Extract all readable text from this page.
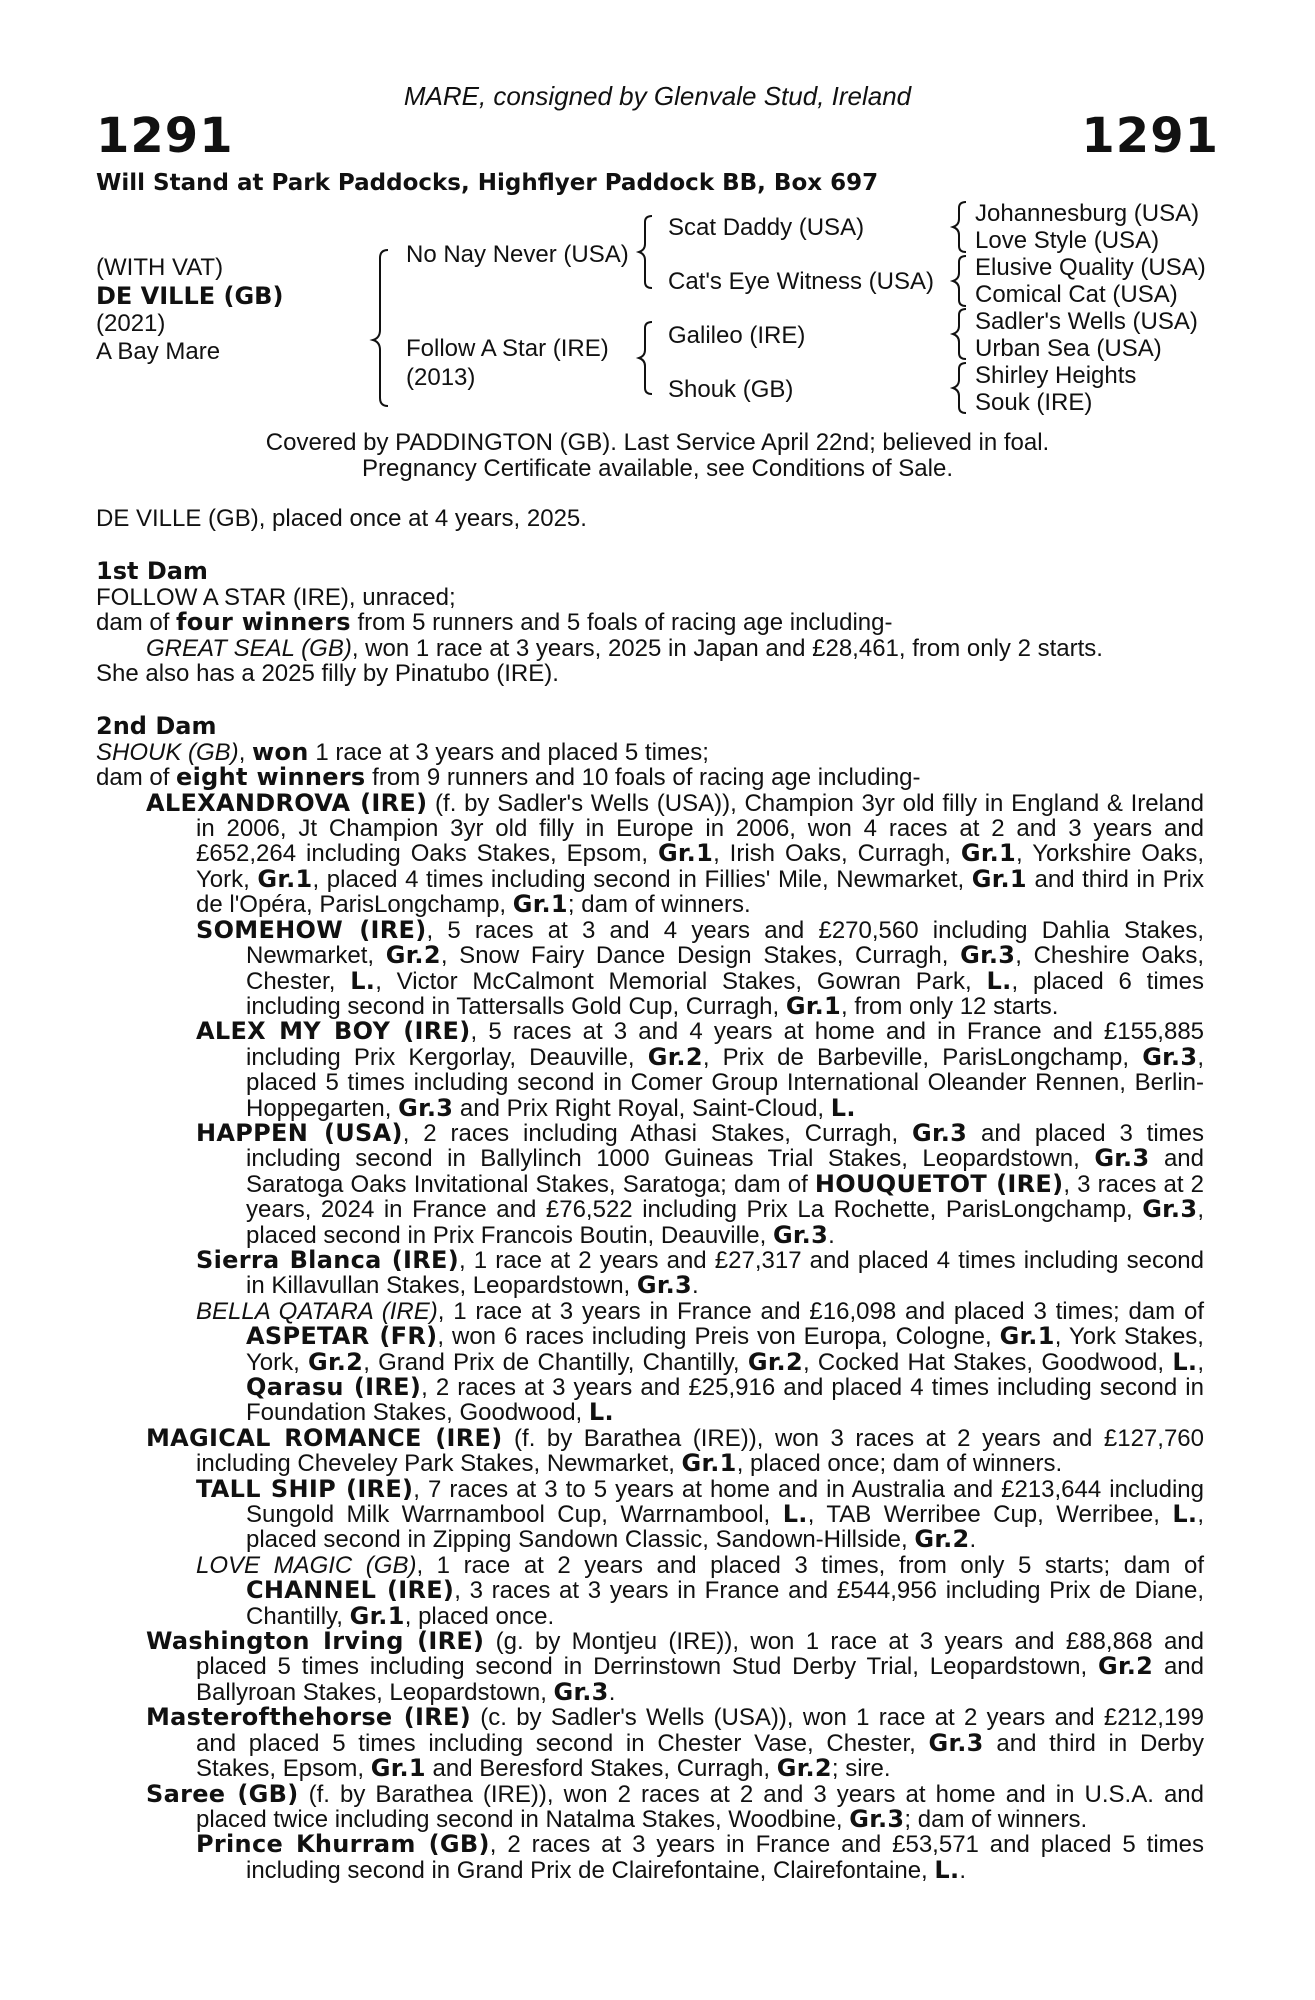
MARE, consigned by Glenvale Stud, Ireland
1291	1291
Will Stand at Park Paddocks, Highflyer Paddock BB, Box 697
(WITH VAT)
DE VILLE (GB)
(2021)
A Bay Mare
No Nay Never (USA)
Follow A Star (IRE)
(2013)
Scat Daddy (USA)
Cat's Eye Witness (USA)
Galileo (IRE)
Shouk (GB)
Johannesburg (USA)
Love Style (USA)
Elusive Quality (USA)
Comical Cat (USA)
Sadler's Wells (USA)
Urban Sea (USA)
Shirley Heights
Souk (IRE)
Covered by PADDINGTON (GB). Last Service April 22nd; believed in foal.
Pregnancy Certificate available, see Conditions of Sale.

DE VILLE (GB), placed once at 4 years, 2025.

1st Dam

FOLLOW A STAR (IRE), unraced;

dam of four winners from 5 runners and 5 foals of racing age including-

GREAT SEAL (GB), won 1 race at 3 years, 2025 in Japan and £28,461, from only 2 starts.

She also has a 2025 filly by Pinatubo (IRE).

2nd Dam

SHOUK (GB), won 1 race at 3 years and placed 5 times;

dam of eight winners from 9 runners and 10 foals of racing age including-

ALEXANDROVA (IRE) (f. by Sadler's Wells (USA)), Champion 3yr old filly in England & Ireland in 2006, Jt Champion 3yr old filly in Europe in 2006, won 4 races at 2 and 3 years and £652,264 including Oaks Stakes, Epsom, Gr.1, Irish Oaks, Curragh, Gr.1, Yorkshire Oaks, York, Gr.1, placed 4 times including second in Fillies' Mile, Newmarket, Gr.1 and third in Prix de l'Opéra, ParisLongchamp, Gr.1; dam of winners.

SOMEHOW (IRE), 5 races at 3 and 4 years and £270,560 including Dahlia Stakes, Newmarket, Gr.2, Snow Fairy Dance Design Stakes, Curragh, Gr.3, Cheshire Oaks, Chester, L., Victor McCalmont Memorial Stakes, Gowran Park, L., placed 6 times including second in Tattersalls Gold Cup, Curragh, Gr.1, from only 12 starts.

ALEX MY BOY (IRE), 5 races at 3 and 4 years at home and in France and £155,885 including Prix Kergorlay, Deauville, Gr.2, Prix de Barbeville, ParisLongchamp, Gr.3, placed 5 times including second in Comer Group International Oleander Rennen, Berlin-Hoppegarten, Gr.3 and Prix Right Royal, Saint-Cloud, L.

HAPPEN (USA), 2 races including Athasi Stakes, Curragh, Gr.3 and placed 3 times including second in Ballylinch 1000 Guineas Trial Stakes, Leopardstown, Gr.3 and Saratoga Oaks Invitational Stakes, Saratoga; dam of HOUQUETOT (IRE), 3 races at 2 years, 2024 in France and £76,522 including Prix La Rochette, ParisLongchamp, Gr.3, placed second in Prix Francois Boutin, Deauville, Gr.3.

Sierra Blanca (IRE), 1 race at 2 years and £27,317 and placed 4 times including second in Killavullan Stakes, Leopardstown, Gr.3.

BELLA QATARA (IRE), 1 race at 3 years in France and £16,098 and placed 3 times; dam of ASPETAR (FR), won 6 races including Preis von Europa, Cologne, Gr.1, York Stakes, York, Gr.2, Grand Prix de Chantilly, Chantilly, Gr.2, Cocked Hat Stakes, Goodwood, L., Qarasu (IRE), 2 races at 3 years and £25,916 and placed 4 times including second in Foundation Stakes, Goodwood, L.

MAGICAL ROMANCE (IRE) (f. by Barathea (IRE)), won 3 races at 2 years and £127,760 including Cheveley Park Stakes, Newmarket, Gr.1, placed once; dam of winners.

TALL SHIP (IRE), 7 races at 3 to 5 years at home and in Australia and £213,644 including Sungold Milk Warrnambool Cup, Warrnambool, L., TAB Werribee Cup, Werribee, L., placed second in Zipping Sandown Classic, Sandown-Hillside, Gr.2.

LOVE MAGIC (GB), 1 race at 2 years and placed 3 times, from only 5 starts; dam of CHANNEL (IRE), 3 races at 3 years in France and £544,956 including Prix de Diane, Chantilly, Gr.1, placed once.

Washington Irving (IRE) (g. by Montjeu (IRE)), won 1 race at 3 years and £88,868 and placed 5 times including second in Derrinstown Stud Derby Trial, Leopardstown, Gr.2 and Ballyroan Stakes, Leopardstown, Gr.3.

Masterofthehorse (IRE) (c. by Sadler's Wells (USA)), won 1 race at 2 years and £212,199 and placed 5 times including second in Chester Vase, Chester, Gr.3 and third in Derby Stakes, Epsom, Gr.1 and Beresford Stakes, Curragh, Gr.2; sire.

Saree (GB) (f. by Barathea (IRE)), won 2 races at 2 and 3 years at home and in U.S.A. and placed twice including second in Natalma Stakes, Woodbine, Gr.3; dam of winners.

Prince Khurram (GB), 2 races at 3 years in France and £53,571 and placed 5 times including second in Grand Prix de Clairefontaine, Clairefontaine, L..
